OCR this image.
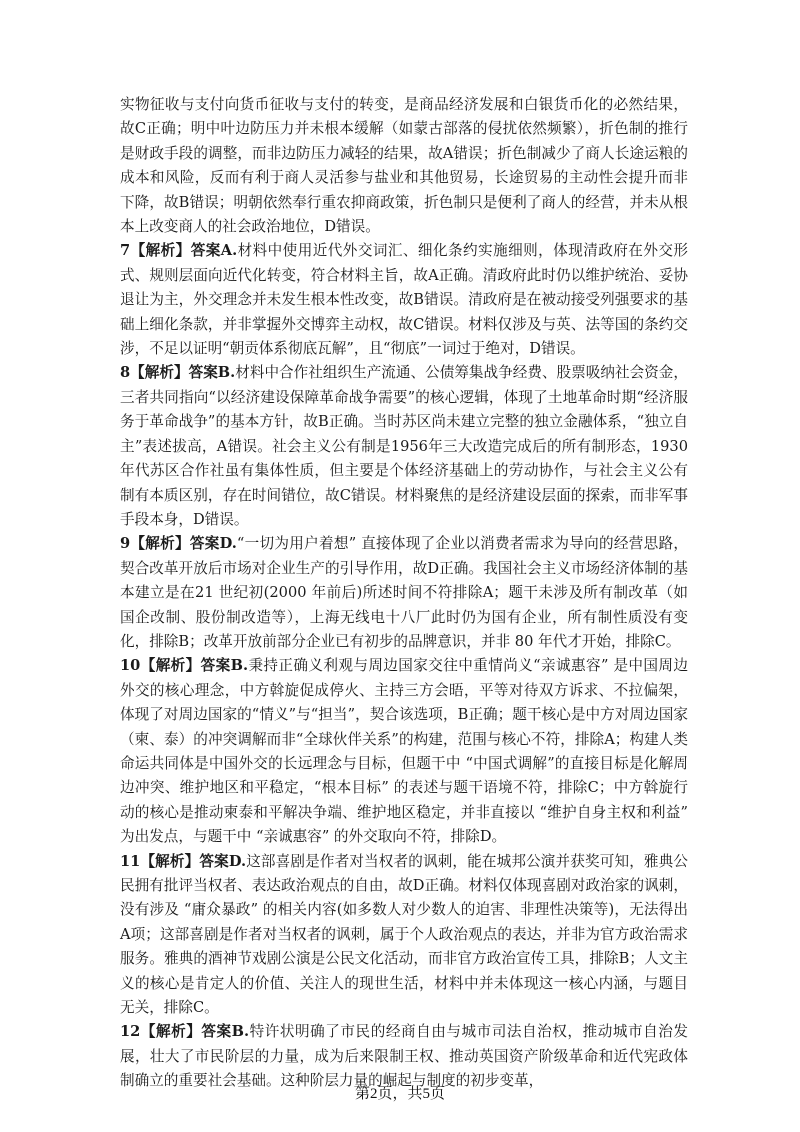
实物征收与支付向货币征收与支付的转变，是商品经济发展和白银货币化的必然结果，故C正确；明中叶边防压力并未根本缓解（如蒙古部落的侵扰依然频繁），折色制的推行是财政手段的调整，而非边防压力减轻的结果，故A错误；折色制减少了商人长途运粮的成本和风险，反而有利于商人灵活参与盐业和其他贸易，长途贸易的主动性会提升而非下降，故B错误；明朝依然奉行重农抑商政策，折色制只是便利了商人的经营，并未从根本上改变商人的社会政治地位，D错误。

7【解析】答案A.材料中使用近代外交词汇、细化条约实施细则，体现清政府在外交形式、规则层面向近代化转变，符合材料主旨，故A正确。清政府此时仍以维护统治、妥协退让为主，外交理念并未发生根本性改变，故B错误。清政府是在被动接受列强要求的基础上细化条款，并非掌握外交博弈主动权，故C错误。材料仅涉及与英、法等国的条约交涉，不足以证明“朝贡体系彻底瓦解”，且“彻底”一词过于绝对，D错误。

8【解析】答案B.材料中合作社组织生产流通、公债筹集战争经费、股票吸纳社会资金，三者共同指向“以经济建设保障革命战争需要”的核心逻辑，体现了土地革命时期“经济服务于革命战争”的基本方针，故B正确。当时苏区尚未建立完整的独立金融体系，“独立自主”表述拔高，A错误。社会主义公有制是1956年三大改造完成后的所有制形态，1930年代苏区合作社虽有集体性质，但主要是个体经济基础上的劳动协作，与社会主义公有制有本质区别，存在时间错位，故C错误。材料聚焦的是经济建设层面的探索，而非军事手段本身，D错误。

9【解析】答案D.“一切为用户着想” 直接体现了企业以消费者需求为导向的经营思路，契合改革开放后市场对企业生产的引导作用，故D正确。我国社会主义市场经济体制的基本建立是在21 世纪初(2000 年前后)所述时间不符排除A；题干未涉及所有制改革（如国企改制、股份制改造等），上海无线电十八厂此时仍为国有企业，所有制性质没有变化，排除B；改革开放前部分企业已有初步的品牌意识，并非 80 年代才开始，排除C。

10【解析】答案B.秉持正确义利观与周边国家交往中重情尚义“亲诚惠容” 是中国周边外交的核心理念，中方斡旋促成停火、主持三方会晤，平等对待双方诉求、不拉偏架，体现了对周边国家的“情义”与“担当”，契合该选项，B正确；题干核心是中方对周边国家（柬、泰）的冲突调解而非“全球伙伴关系”的构建，范围与核心不符，排除A；构建人类命运共同体是中国外交的长远理念与目标，但题干中 “中国式调解”的直接目标是化解周边冲突、维护地区和平稳定，“根本目标” 的表述与题干语境不符，排除C；中方斡旋行动的核心是推动柬泰和平解决争端、维护地区稳定，并非直接以 “维护自身主权和利益” 为出发点，与题干中 “亲诚惠容” 的外交取向不符，排除D。

11【解析】答案D.这部喜剧是作者对当权者的讽刺，能在城邦公演并获奖可知，雅典公民拥有批评当权者、表达政治观点的自由，故D正确。材料仅体现喜剧对政治家的讽刺，没有涉及 “庸众暴政” 的相关内容(如多数人对少数人的迫害、非理性决策等)，无法得出A项；这部喜剧是作者对当权者的讽刺，属于个人政治观点的表达，并非为官方政治需求服务。雅典的酒神节戏剧公演是公民文化活动，而非官方政治宣传工具，排除B；人文主义的核心是肯定人的价值、关注人的现世生活，材料中并未体现这一核心内涵，与题目无关，排除C。

12【解析】答案B.特许状明确了市民的经商自由与城市司法自治权，推动城市自治发展，壮大了市民阶层的力量，成为后来限制王权、推动英国资产阶级革命和近代宪政体制确立的重要社会基础。这种阶层力量的崛起与制度的初步变革，

第2页，共5页
